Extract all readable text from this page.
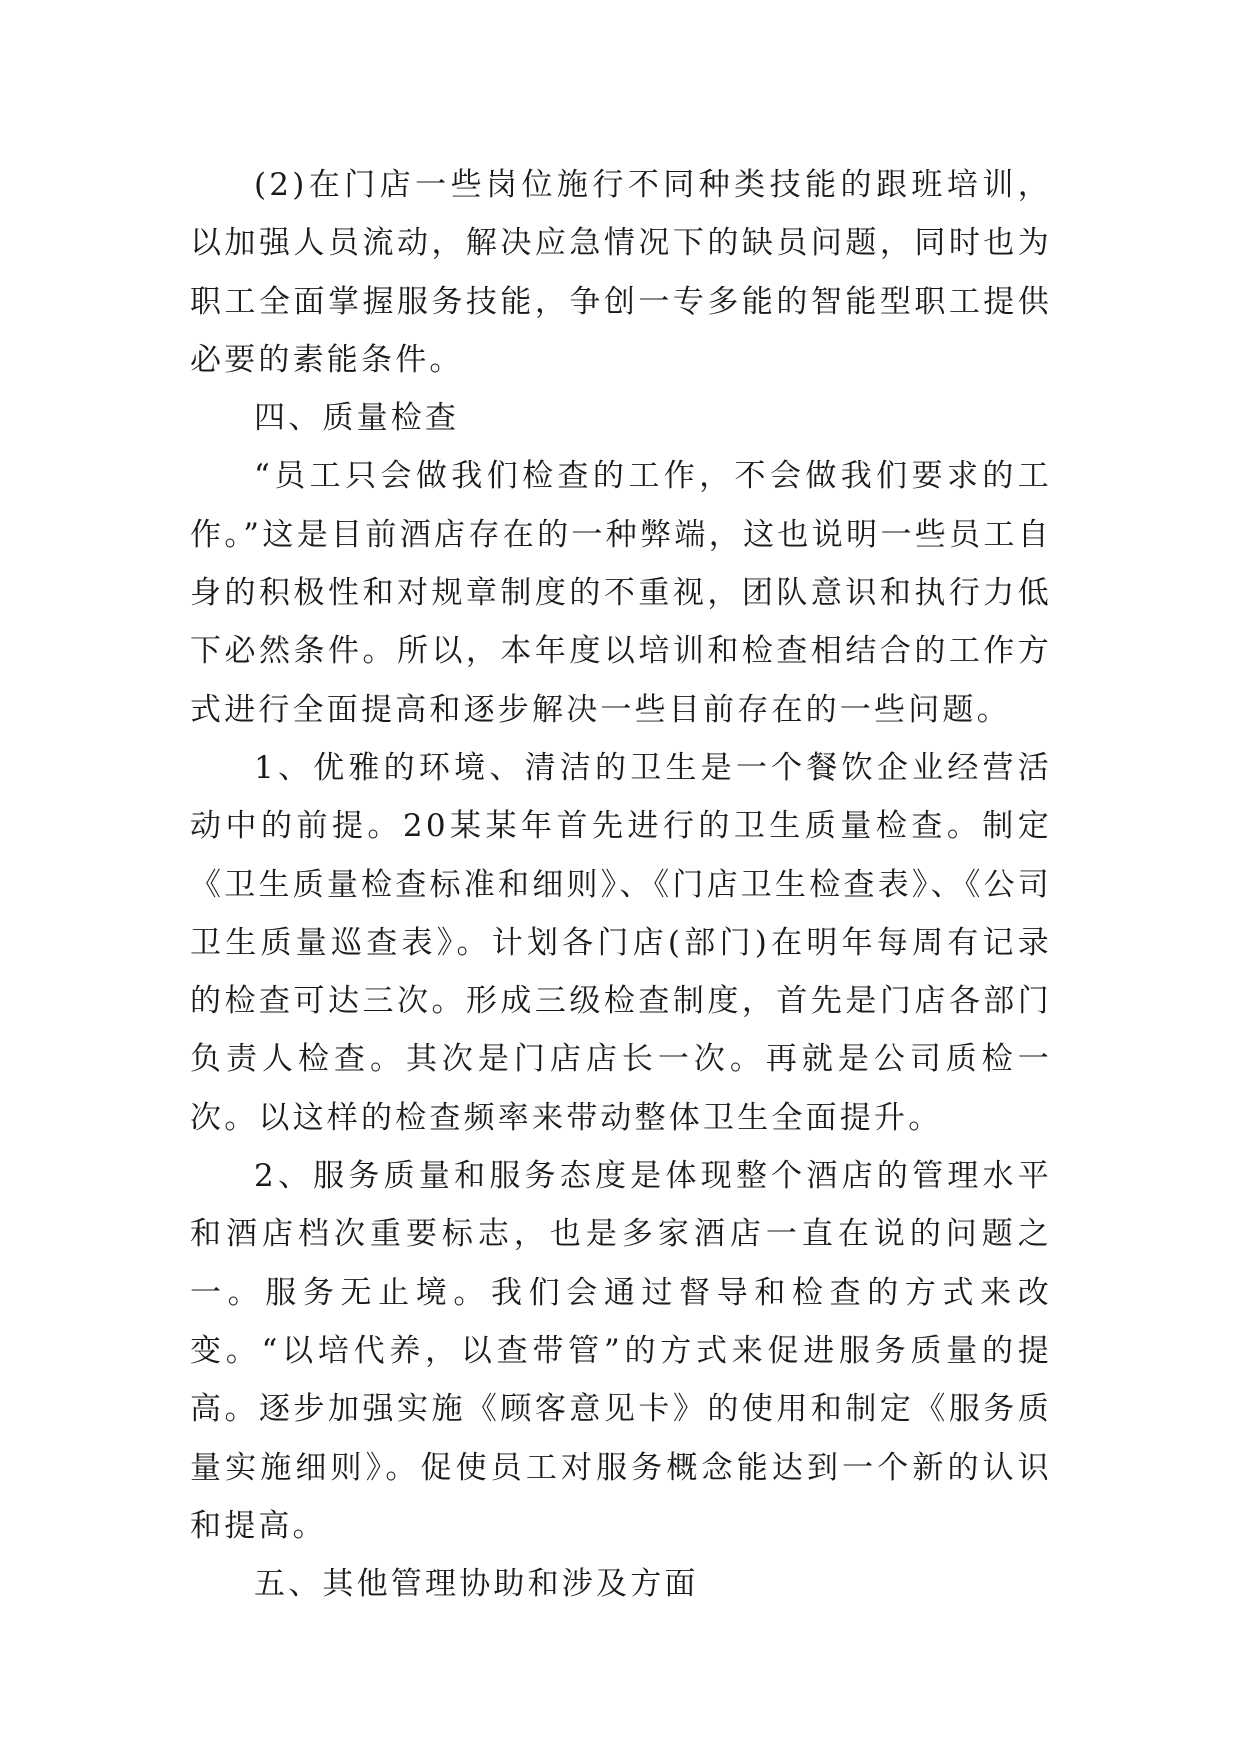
(2)在门店一些岗位施行不同种类技能的跟班培训，以加强人员流动，解决应急情况下的缺员问题，同时也为职工全面掌握服务技能，争创一专多能的智能型职工提供必要的素能条件。

四、质量检查

“员工只会做我们检查的工作，不会做我们要求的工作。”这是目前酒店存在的一种弊端，这也说明一些员工自身的积极性和对规章制度的不重视，团队意识和执行力低下必然条件。所以，本年度以培训和检查相结合的工作方式进行全面提高和逐步解决一些目前存在的一些问题。

1、优雅的环境、清洁的卫生是一个餐饮企业经营活动中的前提。20某某年首先进行的卫生质量检查。制定《卫生质量检查标准和细则》、《门店卫生检查表》、《公司卫生质量巡查表》。计划各门店(部门)在明年每周有记录的检查可达三次。形成三级检查制度，首先是门店各部门负责人检查。其次是门店店长一次。再就是公司质检一次。以这样的检查频率来带动整体卫生全面提升。

2、服务质量和服务态度是体现整个酒店的管理水平和酒店档次重要标志，也是多家酒店一直在说的问题之一。服务无止境。我们会通过督导和检查的方式来改变。“以培代养，以查带管”的方式来促进服务质量的提高。逐步加强实施《顾客意见卡》的使用和制定《服务质量实施细则》。促使员工对服务概念能达到一个新的认识和提高。

五、其他管理协助和涉及方面
